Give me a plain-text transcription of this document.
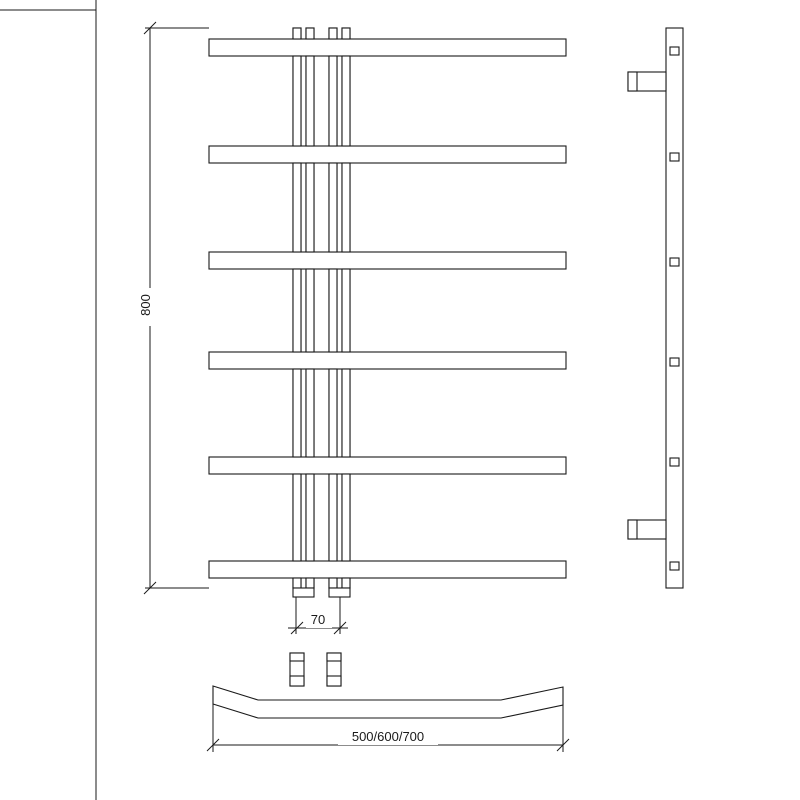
800
70
500/600/700
